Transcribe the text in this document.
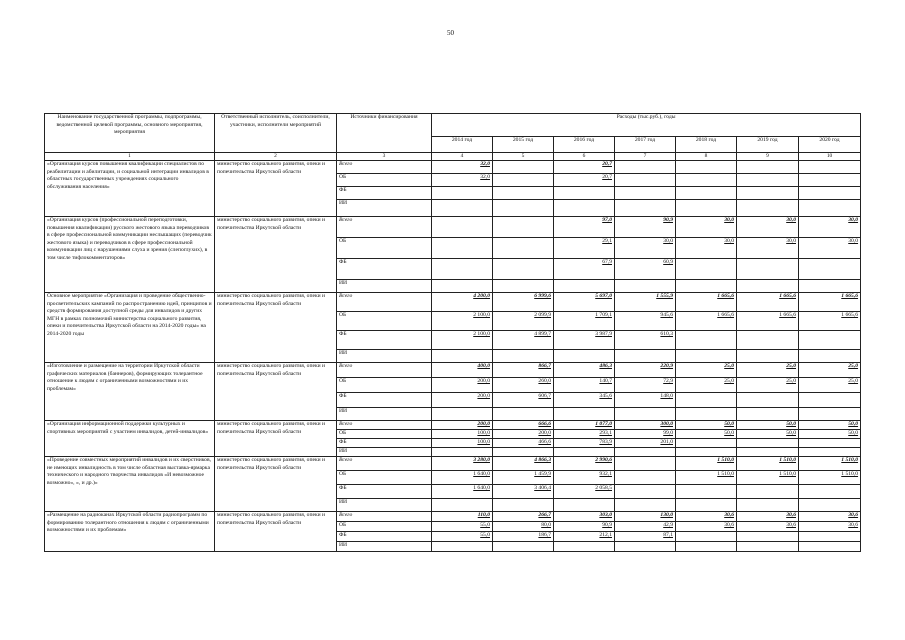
50
Наименование государственной программы, подпрограммы, ведомственной целевой программы, основного мероприятия, мероприятия	Ответственный исполнитель, соисполнители, участники, исполнители мероприятий	Источники финансирования	Расходы (тыс.руб.), годы						
			2014 год	2015 год	2016 год	2017 год	2018 год	2019 год	2020 год
1	2	3	4	5	6	7	8	9	10
«Организация курсов повышения квалификации специалистов по реабилитации и абилитации, и социальной интеграции инвалидов в областных государственных учреждениях социального обслуживания населения»	министерство социального развития, опеки и попечительства Иркутской области	Всего	32,0		20,7				
		ОБ	32,0		20,7				
		ФБ							
		ИИ							
«Организация курсов (профессиональной переподготовки, повышения квалификации) русского жестового языка переводчиков в сфере профессиональной коммуникации неслышащих (переводчик жестового языка) и переводчиков в сфере профессиональной коммуникации лиц с нарушениями слуха и зрения (слепоглухих), в том числе тифлокомментаторов»	министерство социального развития, опеки и попечительства Иркутской области	Всего			97,0	90,9	30,0	30,0	30,0
		ОБ			29,1	30,0	30,0	30,0	30,0
		ФБ			67,9	60,9			
		ИИ							
Основное мероприятие «Организация и проведение общественно-просветительских кампаний по распространению идей, принципов и средств формирования доступной среды для инвалидов и других МГН в рамках полномочий министерства социального развития, опеки и попечительства Иркутской области на 2014-2020 годы» на 2014-2020 годы	министерство социального развития, опеки и попечительства Иркутской области	Всего	4 200,0	6 999,6	5 697,0	1 555,9	1 665,6	1 665,6	1 665,6
		ОБ	2 100,0	2 099,9	1 709,1	945,6	1 665,6	1 665,6	1 665,6
		ФБ	2 100,0	4 899,7	3 987,9	610,3			
		ИИ							
«Изготовление и размещение на территории Иркутской области графических материалов (баннеров), формирующих толерантное отношение к людям с ограниченными возможностями и их проблемам»	министерство социального развития, опеки и попечительства Иркутской области	Всего	400,0	866,7	486,3	220,9	25,0	25,0	25,0
		ОБ	200,0	260,0	140,7	72,9	25,0	25,0	25,0
		ФБ	200,0	606,7	345,6	148,0			
		ИИ							
«Организация информационной поддержки культурных и спортивных мероприятий с участием инвалидов, детей-инвалидов»	министерство социального развития, опеки и попечительства Иркутской области	Всего	200,0	666,6	1 077,0	300,0	50,0	50,0	50,0
		ОБ	100,0	200,0	293,1	99,0	50,0	50,0	50,0
		ФБ	100,0	466,6	783,9	201,0			
		ИИ							
«Проведение совместных мероприятий инвалидов и их сверстников, не имеющих инвалидность в том числе областная выставка-ярмарка технического и народного творчества инвалидов «И невозможное возможно», «, и др.)»	министерство социального развития, опеки и попечительства Иркутской области	Всего	3 280,0	4 866,3	2 990,6		1 510,0	1 510,0	1 510,0
		ОБ	1 640,0	1 459,9	932,1		1 510,0	1 510,0	1 510,0
		ФБ	1 640,0	3 406,4	2 058,5				
		ИИ							
«Размещение на радиоканах Иркутской области радиопрограмм по формированию толерантного отношения к людям с ограниченными возможностями и их проблемам»	министерство социального развития, опеки и попечительства Иркутской области	Всего	110,0	266,7	303,0	130,0	30,6	30,6	30,6
		ОБ	55,0	80,0	90,9	42,9	30,6	30,6	30,6
		ФБ	55,0	186,7	212,1	87,1			
		ИИ							
